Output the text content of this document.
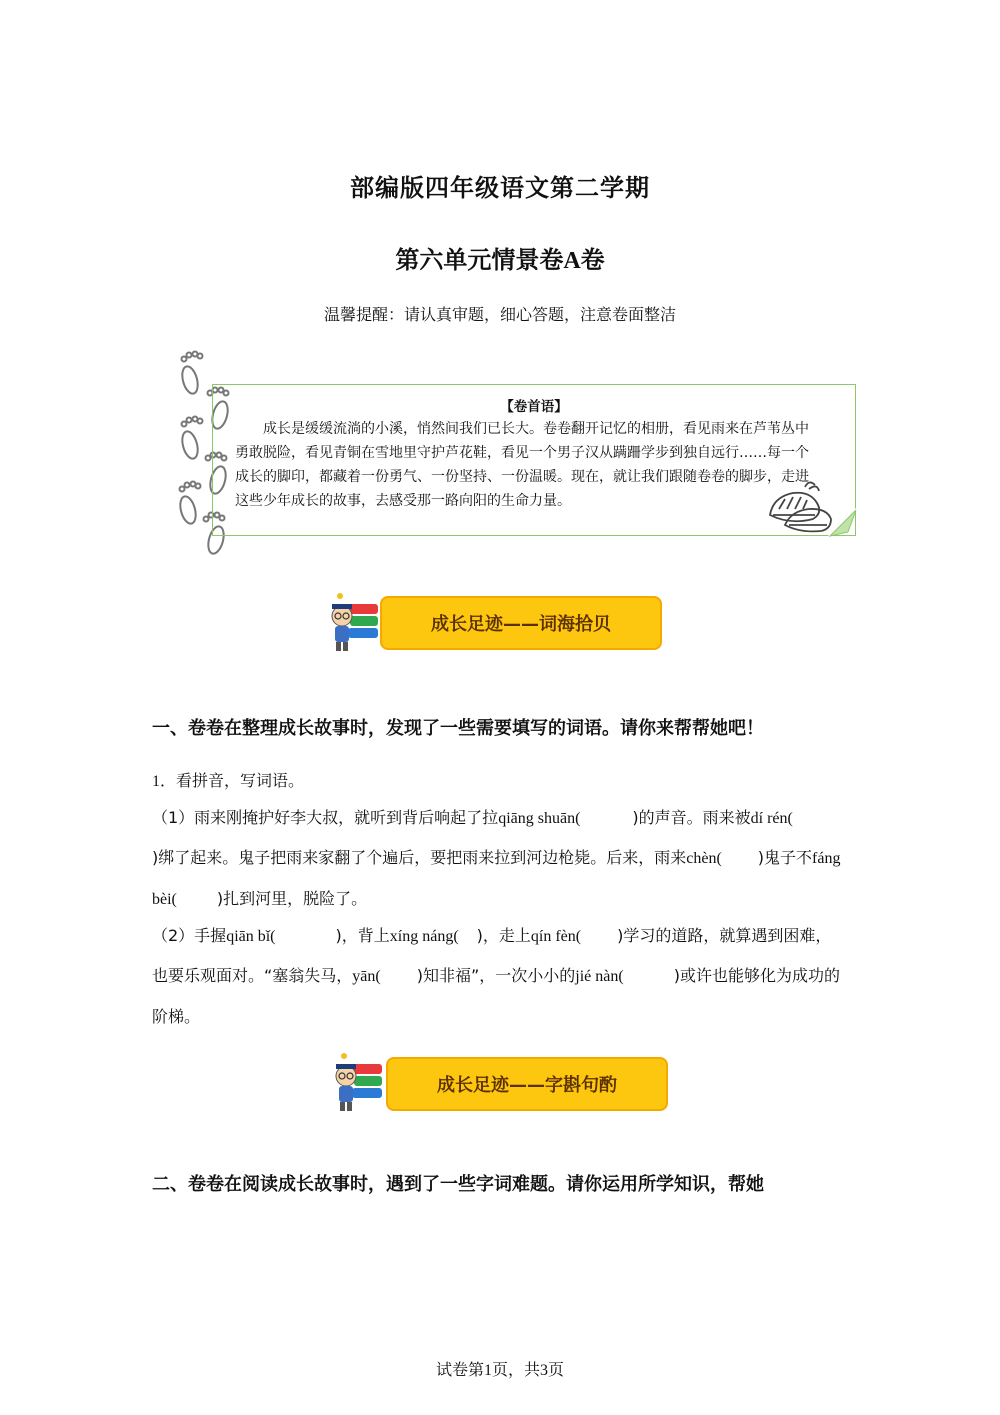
部编版四年级语文第二学期
第六单元情景卷A卷
温馨提醒：请认真审题，细心答题，注意卷面整洁
【卷首语】
成长是缓缓流淌的小溪，悄然间我们已长大。卷卷翻开记忆的相册，看见雨来在芦苇丛中勇敢脱险，看见青铜在雪地里守护芦花鞋，看见一个男子汉从蹒跚学步到独自远行……每一个成长的脚印，都藏着一份勇气、一份坚持、一份温暖。现在，就让我们跟随卷卷的脚步，走进这些少年成长的故事，去感受那一路向阳的生命力量。
成长足迹——词海拾贝
一、卷卷在整理成长故事时，发现了一些需要填写的词语。请你来帮帮她吧！
1．看拼音，写词语。
（1）雨来刚掩护好李大叔，就听到背后响起了拉qiāng shuān(	)的声音。雨来被dí rén()绑了起来。鬼子把雨来家翻了个遍后，要把雨来拉到河边枪毙。后来，雨来chèn( )鬼子不fáng bèi(	)扎到河里，脱险了。
（2）手握qiān bǐ(	)，背上xíng náng( )，走上qín fèn( )学习的道路，就算遇到困难，也要乐观面对。“塞翁失马，yān( )知非福”，一次小小的jié nàn(	)或许也能够化为成功的阶梯。
成长足迹——字斟句酌
二、卷卷在阅读成长故事时，遇到了一些字词难题。请你运用所学知识，帮她
试卷第1页，共3页
